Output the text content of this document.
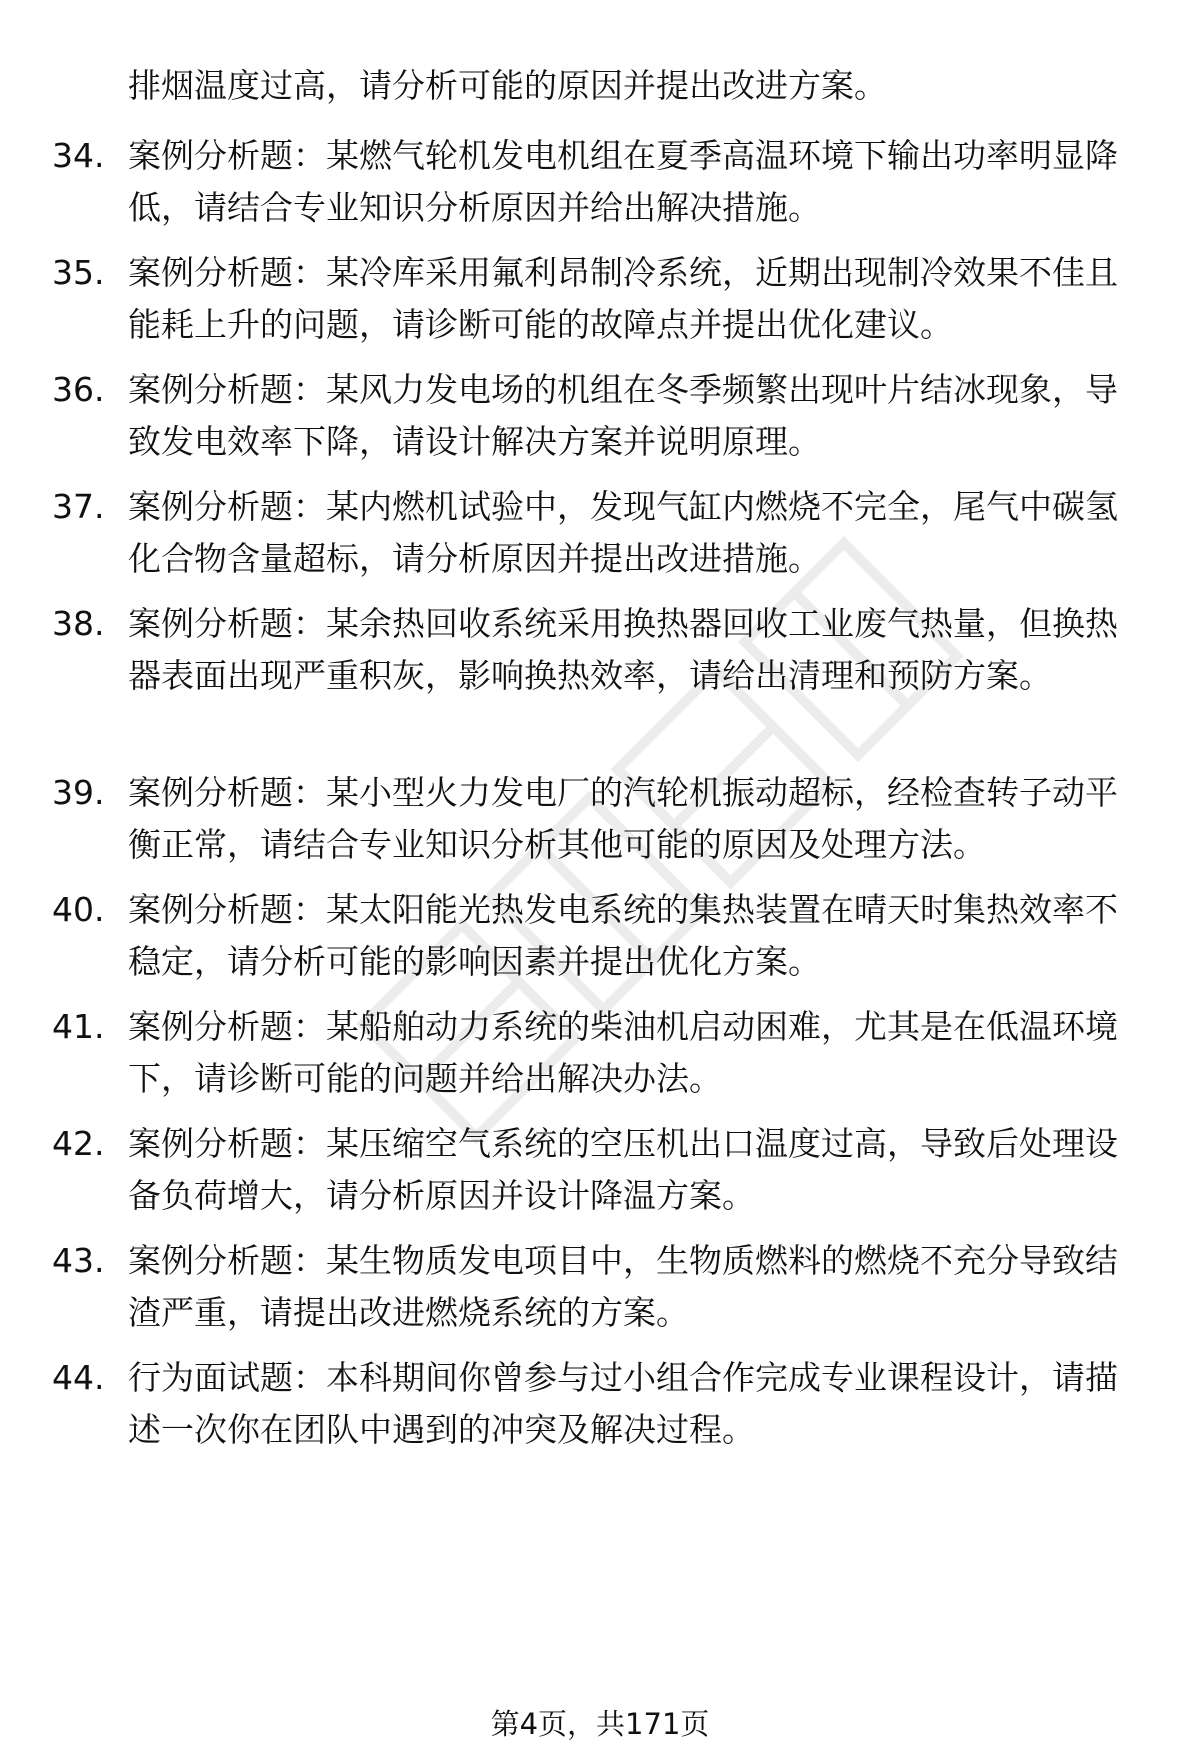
排烟温度过高，请分析可能的原因并提出改进方案。
34. 案例分析题：某燃气轮机发电机组在夏季高温环境下输出功率明显降低，请结合专业知识分析原因并给出解决措施。
35. 案例分析题：某冷库采用氟利昂制冷系统，近期出现制冷效果不佳且能耗上升的问题，请诊断可能的故障点并提出优化建议。
36. 案例分析题：某风力发电场的机组在冬季频繁出现叶片结冰现象，导致发电效率下降，请设计解决方案并说明原理。
37. 案例分析题：某内燃机试验中，发现气缸内燃烧不完全，尾气中碳氢化合物含量超标，请分析原因并提出改进措施。
38. 案例分析题：某余热回收系统采用换热器回收工业废气热量，但换热器表面出现严重积灰，影响换热效率，请给出清理和预防方案。
39. 案例分析题：某小型火力发电厂的汽轮机振动超标，经检查转子动平衡正常，请结合专业知识分析其他可能的原因及处理方法。
40. 案例分析题：某太阳能光热发电系统的集热装置在晴天时集热效率不稳定，请分析可能的影响因素并提出优化方案。
41. 案例分析题：某船舶动力系统的柴油机启动困难，尤其是在低温环境下，请诊断可能的问题并给出解决办法。
42. 案例分析题：某压缩空气系统的空压机出口温度过高，导致后处理设备负荷增大，请分析原因并设计降温方案。
43. 案例分析题：某生物质发电项目中，生物质燃料的燃烧不充分导致结渣严重，请提出改进燃烧系统的方案。
44. 行为面试题：本科期间你曾参与过小组合作完成专业课程设计，请描述一次你在团队中遇到的冲突及解决过程。
第4页，共171页
